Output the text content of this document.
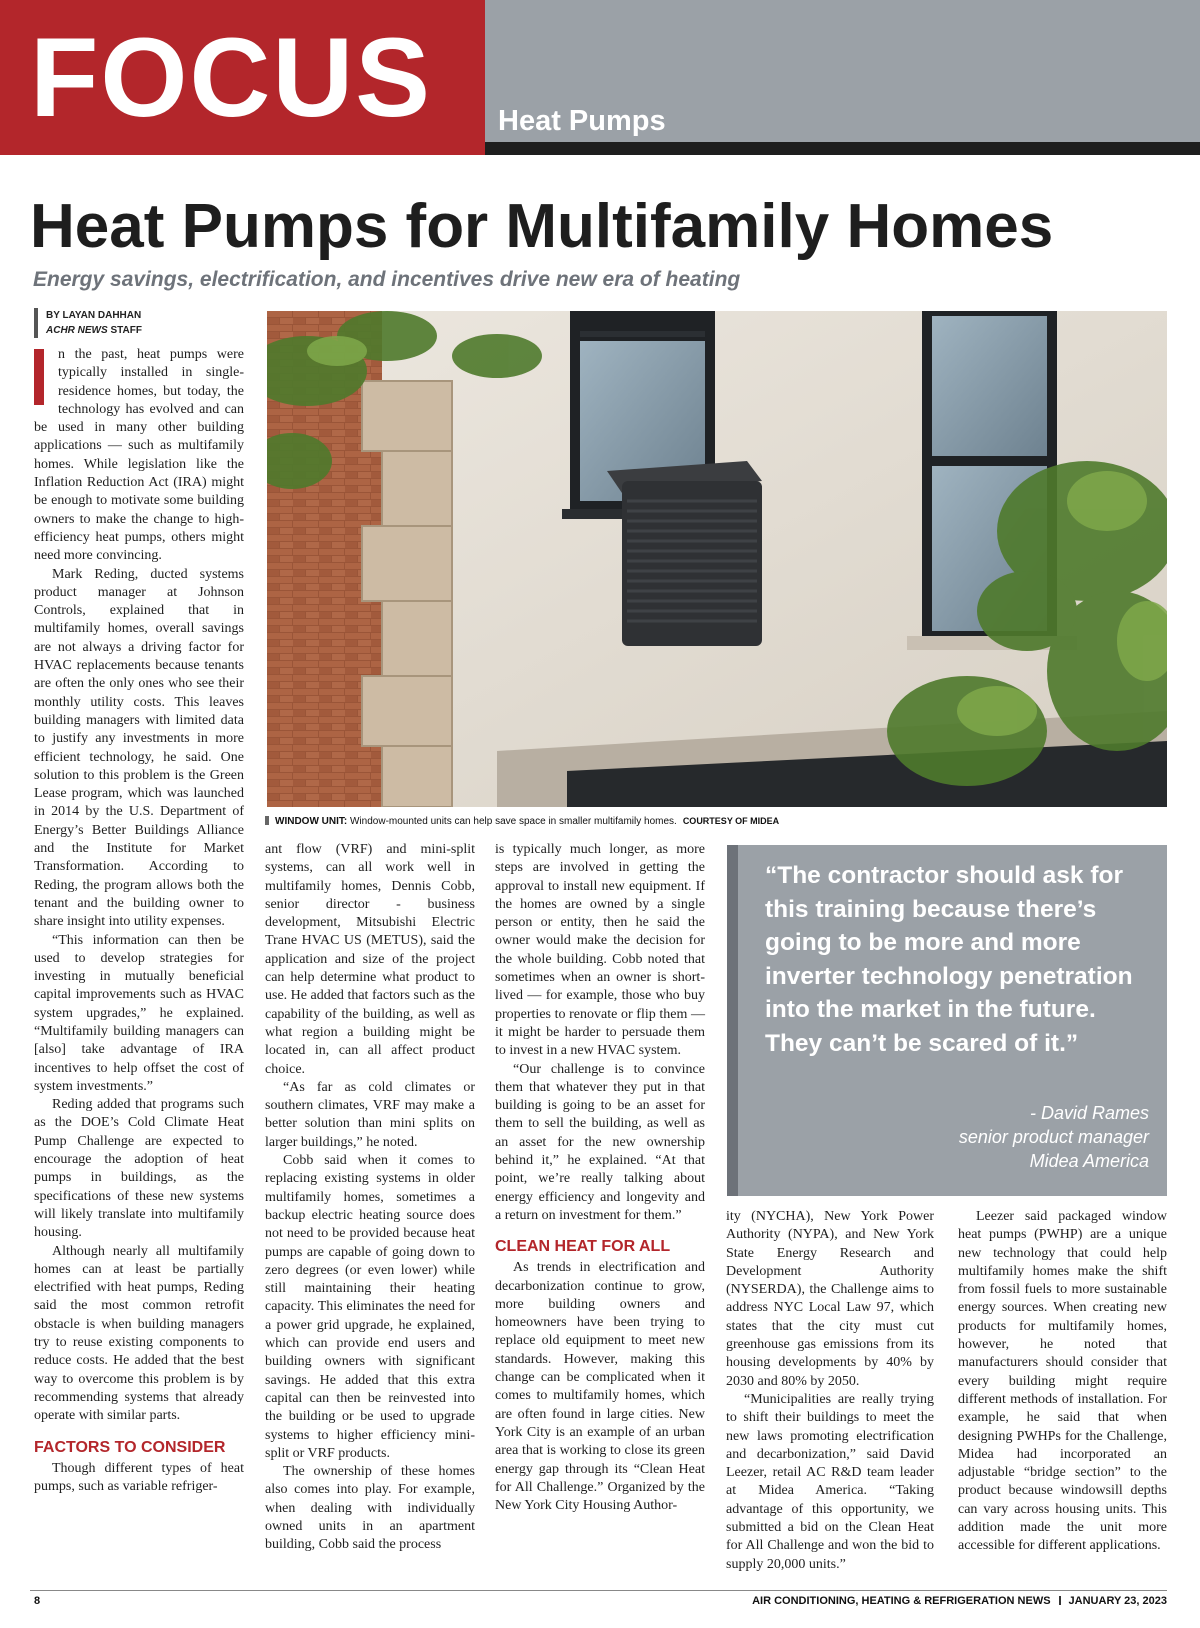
FOCUS Heat Pumps
Heat Pumps for Multifamily Homes
Energy savings, electrification, and incentives drive new era of heating
BY LAYAN DAHHAN
ACHR NEWS STAFF
WINDOW UNIT: Window-mounted units can help save space in smaller multifamily homes. COURTESY OF MIDEA

n the past, heat pumps were typically installed in single-residence homes, but today, the technology has evolved and can be used in many other building applications — such as multifamily homes. While legislation like the Inflation Reduction Act (IRA) might be enough to motivate some building owners to make the change to high-efficiency heat pumps, others might need more convincing.

Mark Reding, ducted systems product manager at Johnson Controls, explained that in multifamily homes, overall savings are not always a driving factor for HVAC replacements because tenants are often the only ones who see their monthly utility costs. This leaves building managers with limited data to justify any investments in more efficient technology, he said. One solution to this problem is the Green Lease program, which was launched in 2014 by the U.S. Department of Energy’s Better Buildings Alliance and the Institute for Market Transformation. According to Reding, the program allows both the tenant and the building owner to share insight into utility expenses.

“This information can then be used to develop strategies for investing in mutually beneficial capital improvements such as HVAC system upgrades,” he explained. “Multifamily building managers can [also] take advantage of IRA incentives to help offset the cost of system investments.”

Reding added that programs such as the DOE’s Cold Climate Heat Pump Challenge are expected to encourage the adoption of heat pumps in buildings, as the specifications of these new systems will likely translate into multifamily housing.

Although nearly all multifamily homes can at least be partially electrified with heat pumps, Reding said the most common retrofit obstacle is when building managers try to reuse existing components to reduce costs. He added that the best way to overcome this problem is by recommending systems that already operate with similar parts.

FACTORS TO CONSIDER

Though different types of heat pumps, such as variable refriger-

ant flow (VRF) and mini-split systems, can all work well in multifamily homes, Dennis Cobb, senior director - business development, Mitsubishi Electric Trane HVAC US (METUS), said the application and size of the project can help determine what product to use. He added that factors such as the capability of the building, as well as what region a building might be located in, can all affect product choice.

“As far as cold climates or southern climates, VRF may make a better solution than mini splits on larger buildings,” he noted.

Cobb said when it comes to replacing existing systems in older multifamily homes, sometimes a backup electric heating source does not need to be provided because heat pumps are capable of going down to zero degrees (or even lower) while still maintaining their heating capacity. This eliminates the need for a power grid upgrade, he explained, which can provide end users and building owners with significant savings. He added that this extra capital can then be reinvested into the building or be used to upgrade systems to higher efficiency mini-split or VRF products.

The ownership of these homes also comes into play. For example, when dealing with individually owned units in an apartment building, Cobb said the process

is typically much longer, as more steps are involved in getting the approval to install new equipment. If the homes are owned by a single person or entity, then he said the owner would make the decision for the whole building. Cobb noted that sometimes when an owner is short-lived — for example, those who buy properties to renovate or flip them — it might be harder to persuade them to invest in a new HVAC system.

“Our challenge is to convince them that whatever they put in that building is going to be an asset for them to sell the building, as well as an asset for the new ownership behind it,” he explained. “At that point, we’re really talking about energy efficiency and longevity and a return on investment for them.”

CLEAN HEAT FOR ALL

As trends in electrification and decarbonization continue to grow, more building owners and homeowners have been trying to replace old equipment to meet new standards. However, making this change can be complicated when it comes to multifamily homes, which are often found in large cities. New York City is an example of an urban area that is working to close its green energy gap through its “Clean Heat for All Challenge.” Organized by the New York City Housing Author-

“The contractor should ask for this training because there’s going to be more and more inverter technology penetration into the market in the future. They can’t be scared of it.”
- David Rames
senior product manager
Midea America

ity (NYCHA), New York Power Authority (NYPA), and New York State Energy Research and Development Authority (NYSERDA), the Challenge aims to address NYC Local Law 97, which states that the city must cut greenhouse gas emissions from its housing developments by 40% by 2030 and 80% by 2050.

“Municipalities are really trying to shift their buildings to meet the new laws promoting electrification and decarbonization,” said David Leezer, retail AC R&D team leader at Midea America. “Taking advantage of this opportunity, we submitted a bid on the Clean Heat for All Challenge and won the bid to supply 20,000 units.”

Leezer said packaged window heat pumps (PWHP) are a unique new technology that could help multifamily homes make the shift from fossil fuels to more sustainable energy sources. When creating new products for multifamily homes, however, he noted that manufacturers should consider that every building might require different methods of installation. For example, he said that when designing PWHPs for the Challenge, Midea had incorporated an adjustable “bridge section” to the product because windowsill depths can vary across housing units. This addition made the unit more accessible for different applications.

8	AIR CONDITIONING, HEATING & REFRIGERATION NEWS JANUARY 23, 2023
